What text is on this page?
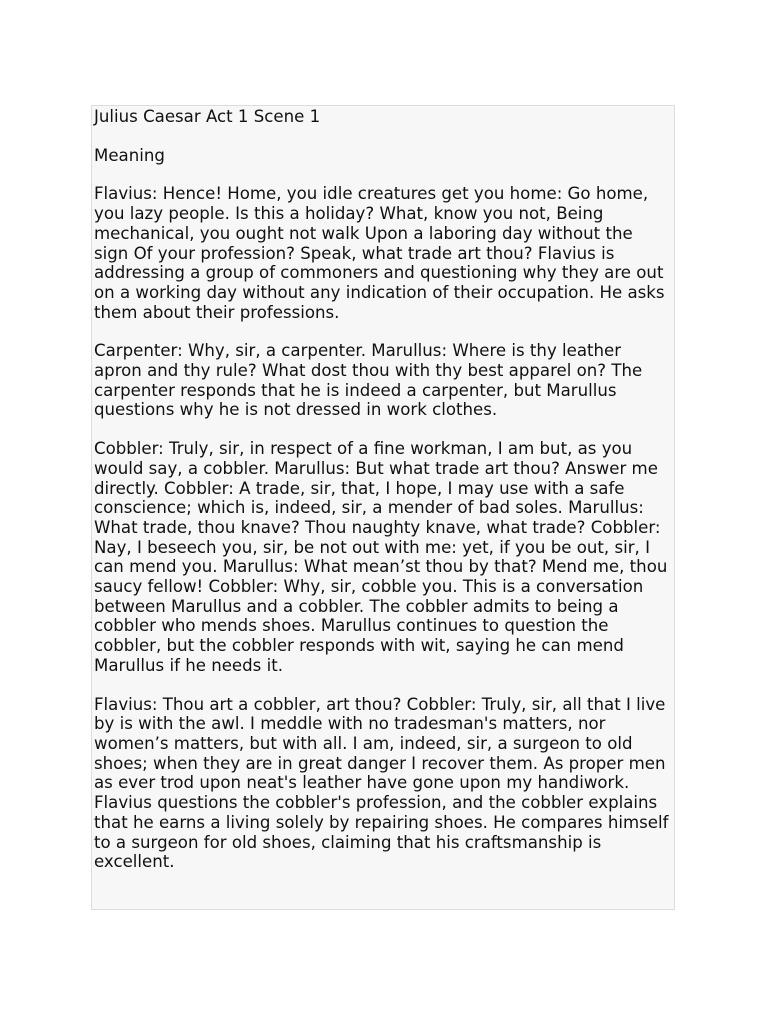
Julius Caesar Act 1 Scene 1

Meaning

Flavius: Hence! Home, you idle creatures get you home: Go home, you lazy people. Is this a holiday? What, know you not, Being mechanical, you ought not walk Upon a laboring day without the sign Of your profession? Speak, what trade art thou? Flavius is addressing a group of commoners and questioning why they are out on a working day without any indication of their occupation. He asks them about their professions.

Carpenter: Why, sir, a carpenter. Marullus: Where is thy leather apron and thy rule? What dost thou with thy best apparel on? The carpenter responds that he is indeed a carpenter, but Marullus questions why he is not dressed in work clothes.

Cobbler: Truly, sir, in respect of a fine workman, I am but, as you would say, a cobbler. Marullus: But what trade art thou? Answer me directly. Cobbler: A trade, sir, that, I hope, I may use with a safe conscience; which is, indeed, sir, a mender of bad soles. Marullus: What trade, thou knave? Thou naughty knave, what trade? Cobbler: Nay, I beseech you, sir, be not out with me: yet, if you be out, sir, I can mend you. Marullus: What mean’st thou by that? Mend me, thou saucy fellow! Cobbler: Why, sir, cobble you. This is a conversation between Marullus and a cobbler. The cobbler admits to being a cobbler who mends shoes. Marullus continues to question the cobbler, but the cobbler responds with wit, saying he can mend Marullus if he needs it.

Flavius: Thou art a cobbler, art thou? Cobbler: Truly, sir, all that I live by is with the awl. I meddle with no tradesman's matters, nor women’s matters, but with all. I am, indeed, sir, a surgeon to old shoes; when they are in great danger I recover them. As proper men as ever trod upon neat's leather have gone upon my handiwork. Flavius questions the cobbler's profession, and the cobbler explains that he earns a living solely by repairing shoes. He compares himself to a surgeon for old shoes, claiming that his craftsmanship is excellent.
